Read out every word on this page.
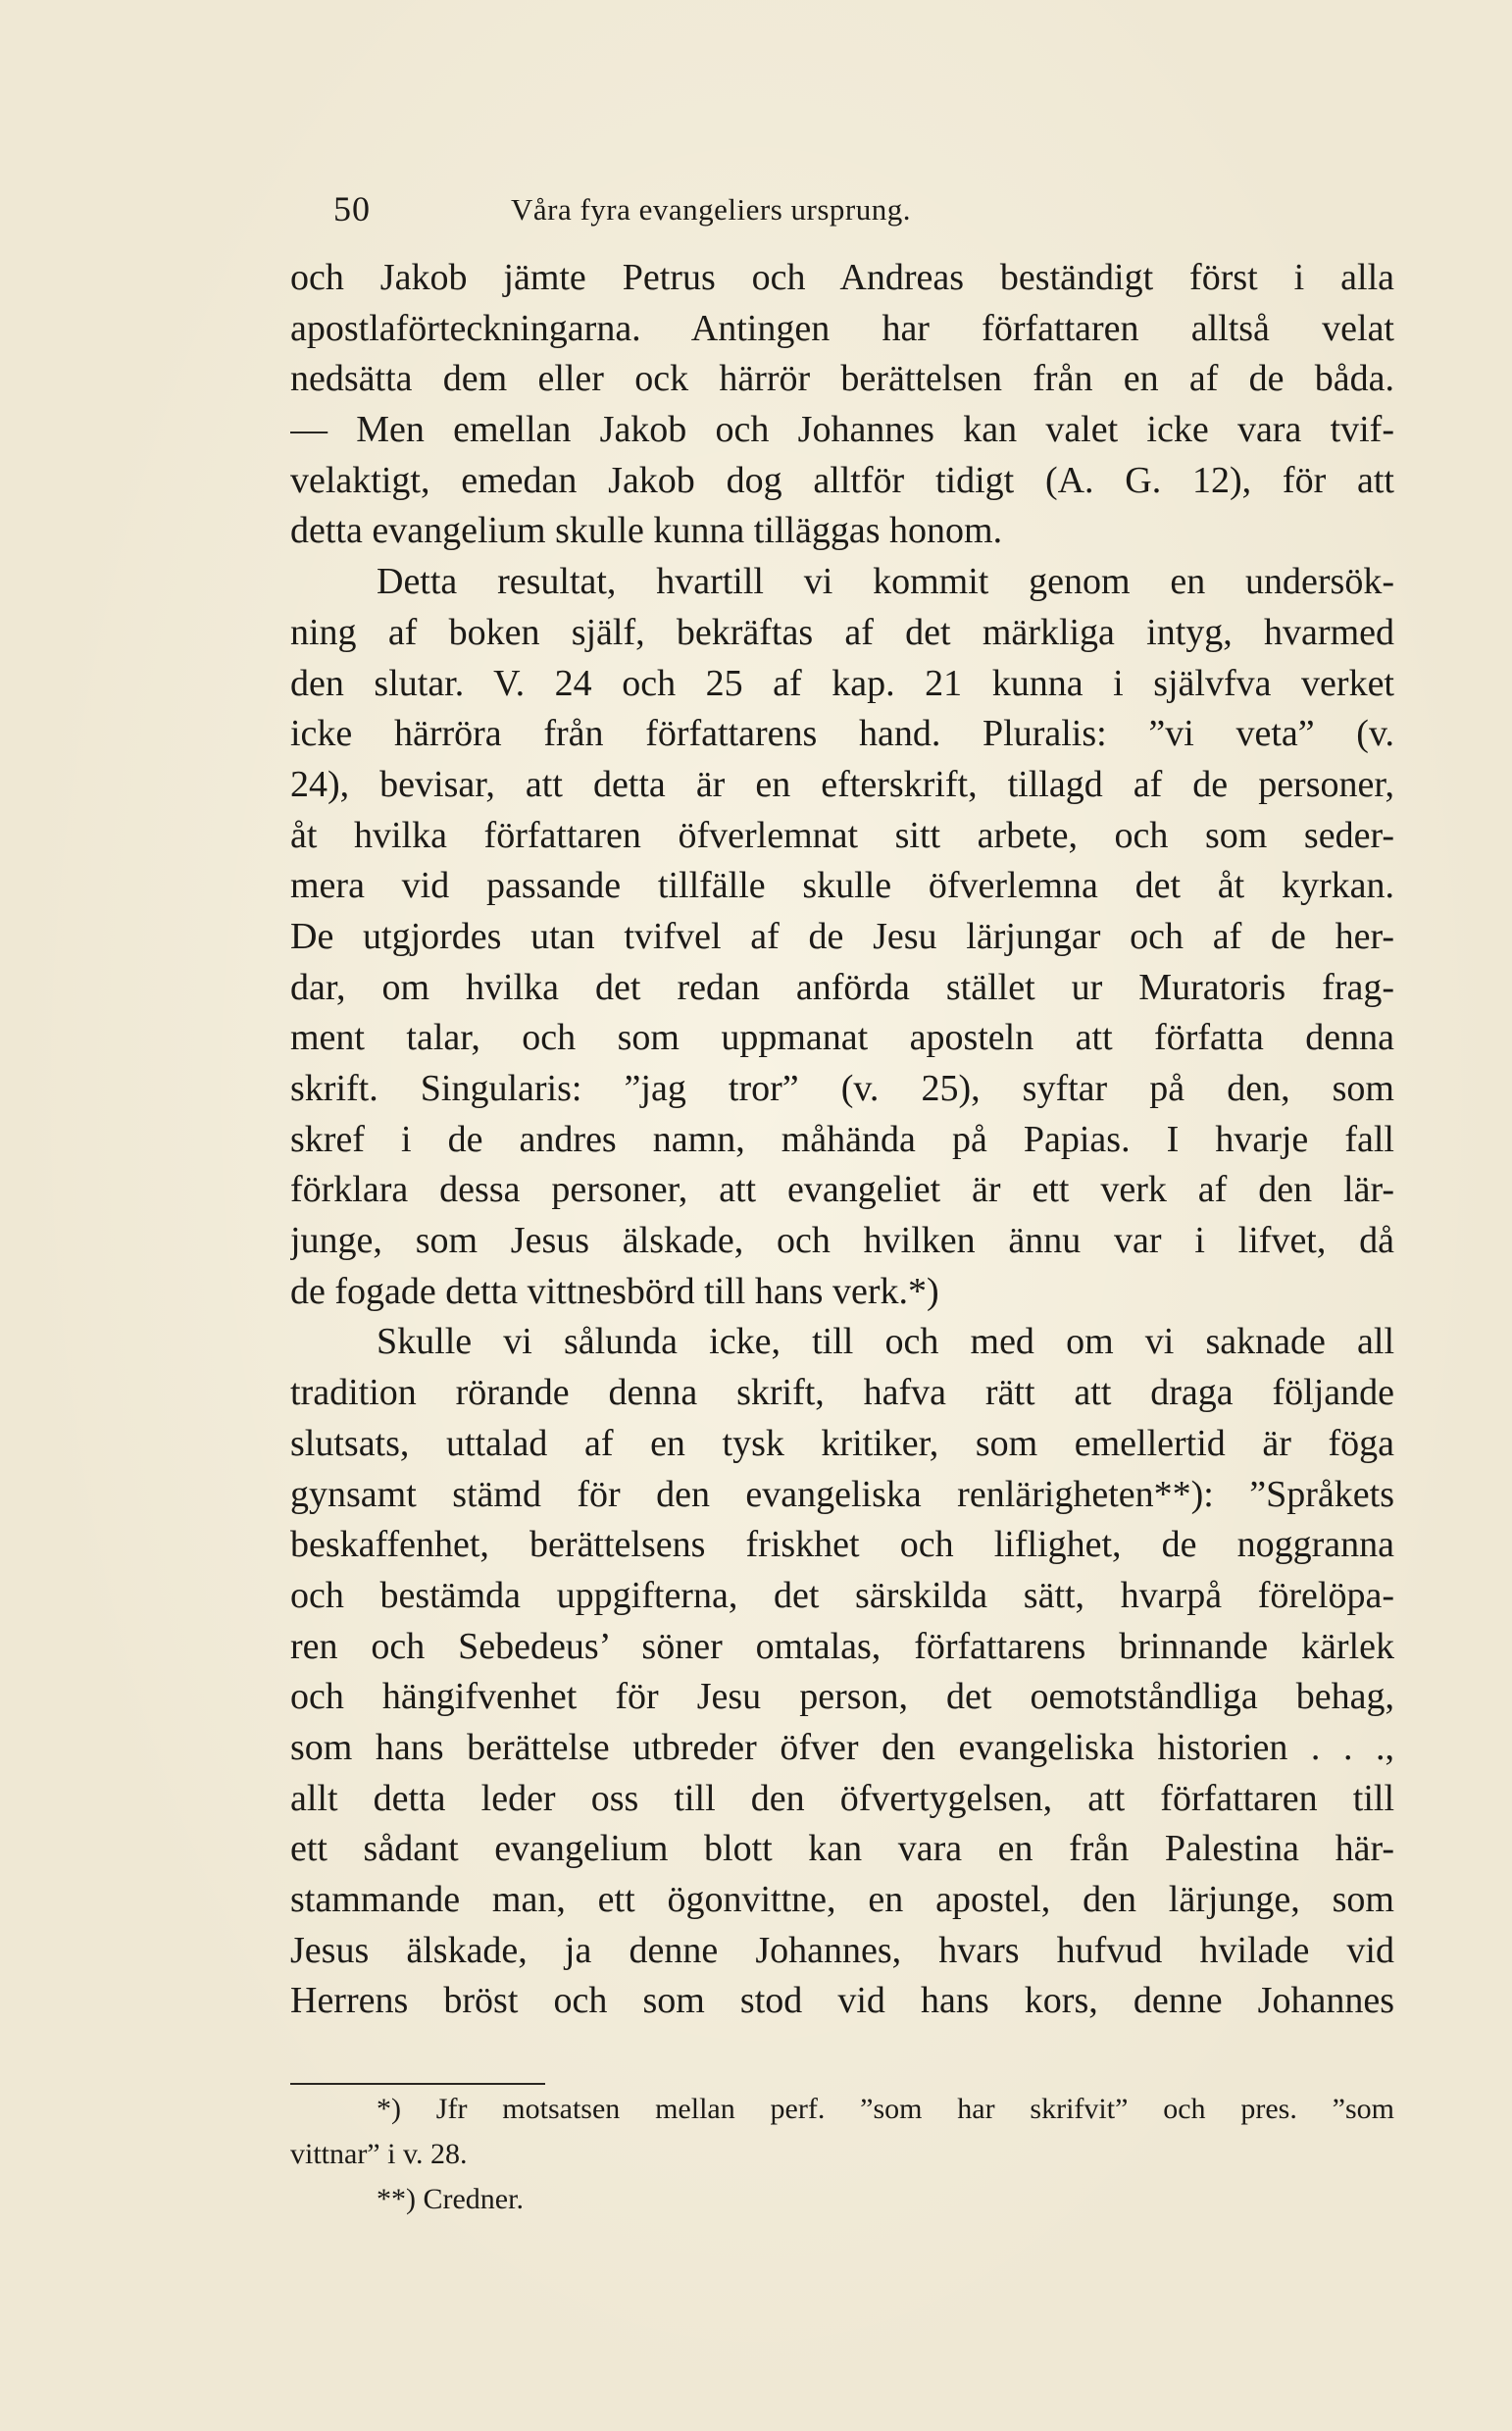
50	Våra fyra evangeliers ursprung.
och Jakob jämte Petrus och Andreas beständigt först i alla
apostlaförteckningarna. Antingen har författaren alltså velat
nedsätta dem eller ock härrör berättelsen från en af de båda.
— Men emellan Jakob och Johannes kan valet icke vara tvif-
velaktigt, emedan Jakob dog alltför tidigt (A. G. 12), för att
detta evangelium skulle kunna tilläggas honom.
Detta resultat, hvartill vi kommit genom en undersök-
ning af boken själf, bekräftas af det märkliga intyg, hvarmed
den slutar. V. 24 och 25 af kap. 21 kunna i självfva verket
icke härröra från författarens hand. Pluralis: ”vi veta” (v.
24), bevisar, att detta är en efterskrift, tillagd af de personer,
åt hvilka författaren öfverlemnat sitt arbete, och som seder-
mera vid passande tillfälle skulle öfverlemna det åt kyrkan.
De utgjordes utan tvifvel af de Jesu lärjungar och af de her-
dar, om hvilka det redan anförda stället ur Muratoris frag-
ment talar, och som uppmanat aposteln att författa denna
skrift. Singularis: ”jag tror” (v. 25), syftar på den, som
skref i de andres namn, måhända på Papias. I hvarje fall
förklara dessa personer, att evangeliet är ett verk af den lär-
junge, som Jesus älskade, och hvilken ännu var i lifvet, då
de fogade detta vittnesbörd till hans verk.*)
Skulle vi sålunda icke, till och med om vi saknade all
tradition rörande denna skrift, hafva rätt att draga följande
slutsats, uttalad af en tysk kritiker, som emellertid är föga
gynsamt stämd för den evangeliska renlärigheten**): ”Språkets
beskaffenhet, berättelsens friskhet och liflighet, de noggranna
och bestämda uppgifterna, det särskilda sätt, hvarpå förelöpa-
ren och Sebedeus’ söner omtalas, författarens brinnande kärlek
och hängifvenhet för Jesu person, det oemotståndliga behag,
som hans berättelse utbreder öfver den evangeliska historien . . .,
allt detta leder oss till den öfvertygelsen, att författaren till
ett sådant evangelium blott kan vara en från Palestina här-
stammande man, ett ögonvittne, en apostel, den lärjunge, som
Jesus älskade, ja denne Johannes, hvars hufvud hvilade vid
Herrens bröst och som stod vid hans kors, denne Johannes
*) Jfr motsatsen mellan perf. ”som har skrifvit” och pres. ”som
vittnar” i v. 28.
**) Credner.
